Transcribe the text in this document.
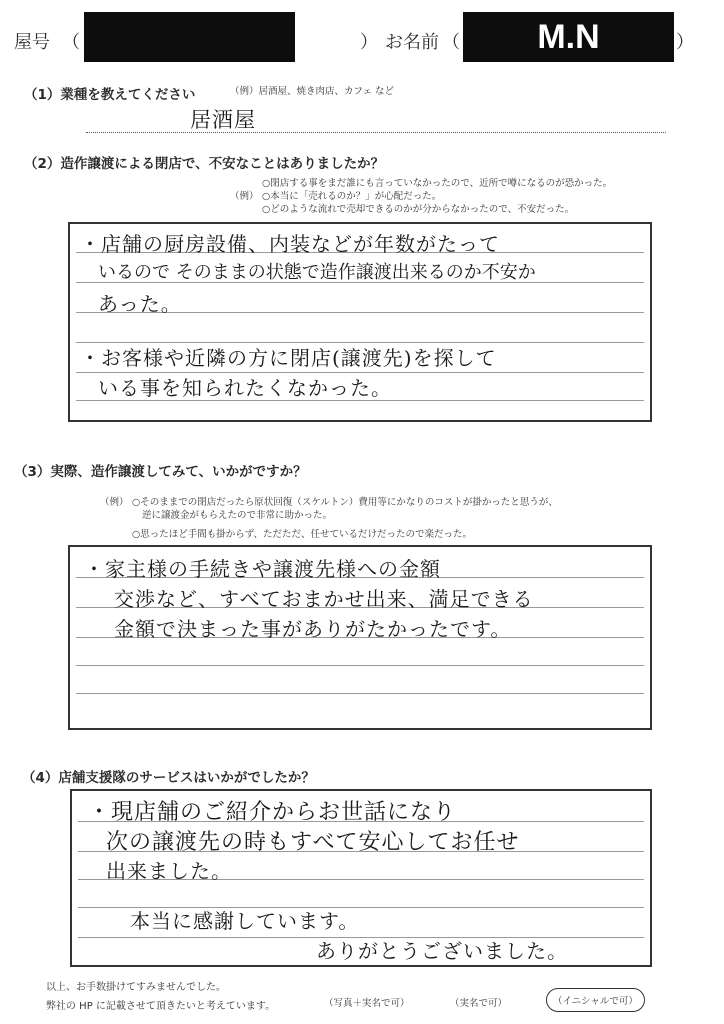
屋号 （	） お名前 （	M.N	）
（1）業種を教えてください	（例）居酒屋、焼き肉店、カフェ など
居酒屋
（2）造作譲渡による閉店で、不安なことはありましたか？
（例）
○閉店する事をまだ誰にも言っていなかったので、近所で噂になるのが恐かった。
○本当に「売れるのか？」が心配だった。
○どのような流れで売却できるのかが分からなかったので、不安だった。
・店舗の厨房設備、内装などが年数がたって
いるので そのままの状態で造作譲渡出来るのか不安か
あった。
・お客様や近隣の方に閉店(譲渡先)を探して
いる事を知られたくなかった。
（3）実際、造作譲渡してみて、いかがですか？
（例） ○そのままでの閉店だったら原状回復（スケルトン）費用等にかなりのコストが掛かったと思うが、
逆に譲渡金がもらえたので非常に助かった。
○思ったほど手間も掛からず、ただただ、任せているだけだったので楽だった。
・家主様の手続きや譲渡先様への金額
交渉など、すべておまかせ出来、満足できる
金額で決まった事がありがたかったです。
（4）店舗支援隊のサービスはいかがでしたか？
・現店舗のご紹介からお世話になり
次の譲渡先の時もすべて安心してお任せ
出来ました。
本当に感謝しています。
ありがとうございました。
以上、お手数掛けてすみませんでした。
弊社の HP に記載させて頂きたいと考えています。	（写真＋実名で可）	（実名で可）	（イニシャルで可）
